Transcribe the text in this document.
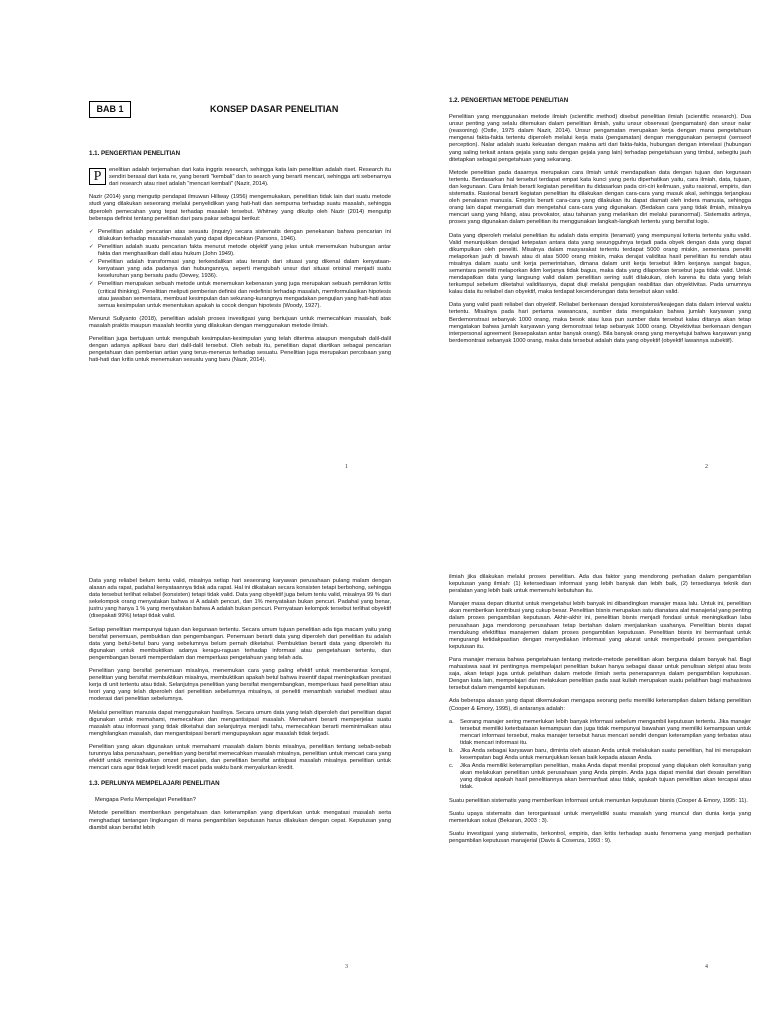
BAB 1	KONSEP DASAR PENELITIAN
1.1. PENGERTIAN PENELITIAN

P	enelitian adalah terjemahan dari kata inggris research, sehingga kata lain penelitian adalah riset. Research itu sendiri berasal dari kata re, yang berarti "kembali" dan to search yang berarti mencari, sehingga arti sebenarnya dari research atau riset adalah "mencari kembali" (Nazir, 2014).

Nazir (2014) yang mengutip pendapat ilmuwan Hillway (1956) mengemukakan, penelitian tidak lain dari suatu metode studi yang dilakukan seseorang melalui penyelidikan yang hati-hati dan sempurna terhadap suatu masalah, sehingga diperoleh pemecahan yang tepat terhadap masalah tersebut. Whitney yang dikutip oleh Nazir (2014) mengutip beberapa definisi tentang penelitian dari para pakar sebagai berikut:

✓ Penelitian adalah pencarian atas sesuatu (inquiry) secara sistematis dengan penekanan bahwa pencarian ini dilakukan terhadap masalah-masalah yang dapat dipecahkan (Parsons, 1946).
✓ Penelitian adalah suatu pencarian fakta menurut metode objektif yang jelas untuk menemukan hubungan antar fakta dan menghasilkan dalil atau hukum (John 1949).
✓ Penelitian adalah transformasi yang terkendalikan atau terarah dari situasi yang dikenal dalam kenyataan-kenyataan yang ada padanya dan hubungannya, seperti mengubah unsur dari situasi orisinal menjadi suatu keseluruhan yang bersatu padu (Dewey, 1936).
✓ Penelitian merupakan sebuah metode untuk menemukan kebenaran yang juga merupakan sebuah pemikiran kritis (critical thinking). Penelitian meliputi pemberian definisi dan redefinisi terhadap masalah, memformulasikan hipotesis atau jawaban sementara, membuat kesimpulan dan sekurang-kurangnya mengadakan pengujian yang hati-hati atas semua kesimpulan untuk menentukan apakah ia cocok dengan hipotesis (Woody, 1927).

Menurut Sullyanto (2018), penelitian adalah proses investigasi yang bertujuan untuk memecahkan masalah, baik masalah praktis maupun masalah teoritis yang dilakukan dengan menggunakan metode ilmiah.

Penelitian juga bertujuan untuk mengubah kesimpulan-kesimpulan yang telah diterima ataupun mengubah dalil-dalil dengan adanya aplikasi baru dari dalil-dalil tersebut. Oleh sebab itu, penelitian dapat diartikan sebagai pencarian pengetahuan dan pemberian artian yang terus-menerus terhadap sesuatu. Penelitian juga merupakan percobaan yang hati-hati dan kritis untuk menemukan sesuatu yang baru (Nazir, 2014).

1
1.2. PENGERTIAN METODE PENELITIAN

Penelitian yang menggunakan metode ilmiah (scientific method) disebut penelitian ilmiah (scientific research). Dua unsur penting yang selalu ditemukan dalam penelitian ilmiah, yaitu unsur observasi (pengamatan) dan unsur nalar (reasoning) (Ostle, 1975 dalam Nazir, 2014). Unsur pengamatan merupakan kerja dengan mana pengetahuan mengenai fakta-fakta tertentu diperoleh melalui kerja mata (pengamatan) dengan menggunakan persepsi (senseof perception). Nalar adalah suatu kekuatan dengan makna arti dari fakta-fakta, hubungan dengan interelasi (hubungan yang saling terkait antara gejala yang satu dengan gejala yang lain) terhadap pengetahuan yang timbul, sebegitu jauh ditetapkan sebagai pengetahuan yang sekarang.

Metode penelitian pada dasarnya merupakan cara ilmiah untuk mendapatkan data dengan tujuan dan kegunaan tertentu. Berdasarkan hal tersebut terdapat empat kata kunci yang perlu diperhatikan yaitu, cara ilmiah, data, tujuan, dan kegunaan. Cara ilmiah berarti kegiatan penelitian itu didasarkan pada ciri-ciri keilmuan, yaitu rasional, empiris, dan sistematis. Rasional berarti kegiatan penelitian itu dilakukan dengan cara-cara yang masuk akal, sehingga terjangkau oleh penalaran manusia. Empiris berarti cara-cara yang dilakukan itu dapat diamati oleh indera manusia, sehingga orang lain dapat mengamati dan mengetahui cara-cara yang digunakan. (Bedakan cara yang tidak ilmiah, misalnya mencari uang yang hilang, atau provokator, atau tahanan yang melarikan diri melalui paranormal). Sistematis artinya, proses yang digunakan dalam penelitian itu menggunakan langkah-langkah tertentu yang bersifat logis.

Data yang diperoleh melalui penelitian itu adalah data empiris (teramati) yang mempunyai kriteria tertentu yaitu valid. Valid menunjukkan derajad ketepatan antara data yang sesungguhnya terjadi pada obyek dengan data yang dapat dikumpulkan oleh peneliti. Misalnya dalam masyarakat tertentu terdapat 5000 orang miskin, sementara peneliti melaporkan jauh di bawah atau di atas 5000 orang miskin, maka derajat validitas hasil penelitian itu rendah atau misalnya dalam suatu unit kerja pemerintahan, dimana dalam unit kerja tersebut iklim kerjanya sangat bagus, sementara peneliti melaporkan iklim kerjanya tidak bagus, maka data yang dilaporkan tersebut juga tidak valid. Untuk mendapatkan data yang langsung valid dalam penelitian sering sulit dilakukan, oleh karena itu data yang telah terkumpul sebelum diketahui validitasnya, dapat diuji melalui pengujian reabilitas dan obyektivitas. Pada umumnya kalau data itu reliabel dan obyektif, maka terdapat kecenderungan data tersebut akan valid.

Data yang valid pasti reliabel dan obyektif. Reliabel berkenaan derajad konsistensi/keajegan data dalam interval waktu tertentu. Misalnya pada hari pertama wawancara, sumber data mengatakan bahwa jumlah karyawan yang Berdemonstrasi sebanyak 1000 orang, maka besok atau lusa pun sumber data tersebut kalau ditanya akan tetap mengatakan bahwa jumlah karyawan yang demonstrasi tetap sebanyak 1000 orang. Obyektivitas berkenaan dengan interpersonal agreement (kesepakatan antar banyak orang). Bila banyak orang yang menyetujui bahwa karyawan yang berdemontrasi sebanyak 1000 orang, maka data tersebut adalah data yang obyektif (obyektif lawannya subektif).

2

Data yang reliabel belum tentu valid, misalnya setiap hari seseorang karyawan perusahaan pulang malam dengan alasan ada rapat, padahal kenyataannya tidak ada rapat. Hal ini dikatakan secara konsisten tetapi berbohong, sehingga data tersebut terlihat reliabel (konsisten) tetapi tidak valid. Data yang obyektif juga belum tentu valid, misalnya 99 % dari sekelompok orang menyatakan bahwa si A adalah pencuri, dan 1% menyatakan bukan pencuri. Padahal yang benar, justru yang hanya 1 % yang menyatakan bahwa A adalah bukan pencuri. Pernyataan kelompok tersebut terlihat obyektif (disepakati 99%) tetapi tidak valid.

Setiap penelitian mempunyai tujuan dan kegunaan tertentu. Secara umum tujuan penelitian ada tiga macam yaitu yang bersifat penemuan, pembuktian dan pengembangan. Penemuan berarti data yang diperoleh dari penelitian itu adalah data yang betul-betul baru yang sebelumnya belum pernah diketahui. Pembuktian berarti data yang diperoleh itu digunakan untuk membuktikan adanya keragu-raguan terhadap informasi atau pengetahuan tertentu, dan pengembangan berarti memperdalam dan memperluas pengetahuan yang telah ada.

Penelitian yang bersifat penemuan misalnya, menemukan cara yang paling efektif untuk memberantas korupsi, penelitian yang bersifat membuktikan misalnya, membuktikan apakah betul bahwa insentif dapat meningkatkan prestasi kerja di unit tertentu atau tidak. Selanjutnya penelitian yang bersifat mengembangkan, memperluas hasil penelitian atau teori yang yang telah diperoleh dari penelitian sebelumnya misalnya, si peneliti menambah variabel mediasi atau moderasi dari penelitian sebelumnya.

Melalui penelitian manusia dapat menggunakan hasilnya. Secara umum data yang telah diperoleh dari penelitian dapat digunakan untuk memahami, memecahkan dan mengantisipasi masalah. Memahami berarti memperjelas suatu masalah atau informasi yang tidak diketahui dan selanjutnya menjadi tahu, memecahkan berarti meminimalkan atau menghilangkan masalah, dan mengantisipasi berarti mengupayakan agar masalah tidak terjadi.

Penelitian yang akan digunakan untuk memahami masalah dalam bisnis misalnya, penelitian tentang sebab-sebab turunnya laba perusahaan, penelitian yang bersifat memecahkan masalah misalnya, penelitian untuk mencari cara yang efektif untuk meningkatkan omzet penjualan, dan penelitian bersifat antisipasi masalah misalnya penelitian untuk mencari cara agar tidak terjadi kredit macet pada waktu bank menyalurkan kredit.

1.3. PERLUNYA MEMPELAJARI PENELITIAN

Mengapa Perlu Mempelajari Penelitian?

Metode penelitian memberikan pengetahuan dan keterampilan yang diperlukan untuk mengatasi masalah serta menghadapi tantangan lingkungan di mana pengambilan keputusan harus dilakukan dengan cepat. Keputusan yang diambil akan bersifat lebih

3

ilmiah jika dilakukan melalui proses penelitian. Ada dua faktor yang mendorong perhatian dalam pengambilan keputusan yang ilmiah: (1) ketersediaan informasi yang lebih banyak dan lebih baik, (2) tersedianya teknik dan peralatan yang lebih baik untuk memenuhi kebutuhan itu.

Manajer masa depan dituntut untuk mengetahui lebih banyak ini dibandingkan manajer masa lalu. Untuk ini, penelitian akan memberikan kontribusi yang cukup besar. Penelitian bisnis merupakan satu dianatara alat manajerial yang penting dalam proses pengambilan keputusan. Akhir-akhir ini, penelitian bisnis menjadi fondasi untuk meningkatkan laba perusahaan juga mendorong perusahaan tetap bertahan dalam menjalankan usahanya. Penelitian bisnis dapat mendukung efektifitas manajemen dalam proses pengambilan keputusan. Penelitian bisnis ini bermanfaat untuk mengurangi ketidakpastian dengan menyediakan informasi yang akurat untuk memperbaiki proses pengambilan keputusan itu.

Para manajer merasa bahwa pengetahuan tentang metode-metode penelitian akan berguna dalam banyak hal. Bagi mahasiswa saat ini pentingnya mempelajari penelitian bukan hanya sebagai dasar untuk penulisan skripsi atau tesis saja, akan tetapi juga untuk pelatihan dalam metode ilmiah serta penerapannya dalam pengambilan keputusan. Dengan kata lain, mempelajari dan melakukan penelitian pada saat kuliah merupakan suatu pelatihan bagi mahasiswa tersebut dalam mengambil keputusan.

Ada beberapa alasan yang dapat dikemukakan mengapa seorang perlu memiliki keterampilan dalam bidang penelitian (Cooper & Emory, 1995), di antaranya adalah:

a. Seorang manajer sering memerlukan lebih banyak informasi sebelum mengambil keputusan tertentu. Jika manajer tersebut memiliki keterbatasan kemampuan dan juga tidak mempunyai bawahan yang memiliki kemampuan untuk mencari informasi tersebut, maka manajer tersebut harus mencari sendiri dengan keterampilan yang terbatas atau tidak mencari informasi itu.
b. Jika Anda sebagai karyawan baru, diminta oleh atasan Anda untuk melakukan suatu penelitian, hal ini merupakan kesempatan bagi Anda untuk menunjukkan kesan baik kepada atasan Anda.
c. Jika Anda memiliki keterampilan penelitian, maka Anda dapat menilai proposal yang diajukan oleh konsultan yang akan melakukan penelitian untuk perusahaan yang Anda pimpin. Anda juga dapat menilai dari desain penelitian yang dipakai apakah hasil penelitiannya akan bermanfaat atau tidak, apakah tujuan penelitian akan tercapai atau tidak.

Suatu penelitian sistematis yang memberikan informasi untuk menuntun keputusan bisnis (Cooper & Emory, 1995: 11).

Suatu upaya sistematis dan terorganisasi untuk menyelidiki suatu masalah yang muncul dan dunia kerja yang memerlukan solusi (Bekaran, 2003 : 3).

Suatu investigasi yang sistematis, terkontrol, empiris, dan kritis terhadap suatu fenomena yang menjadi perhatian pengambilan keputusan manajerial (Davis & Cosenza, 1993 : 9).

4
